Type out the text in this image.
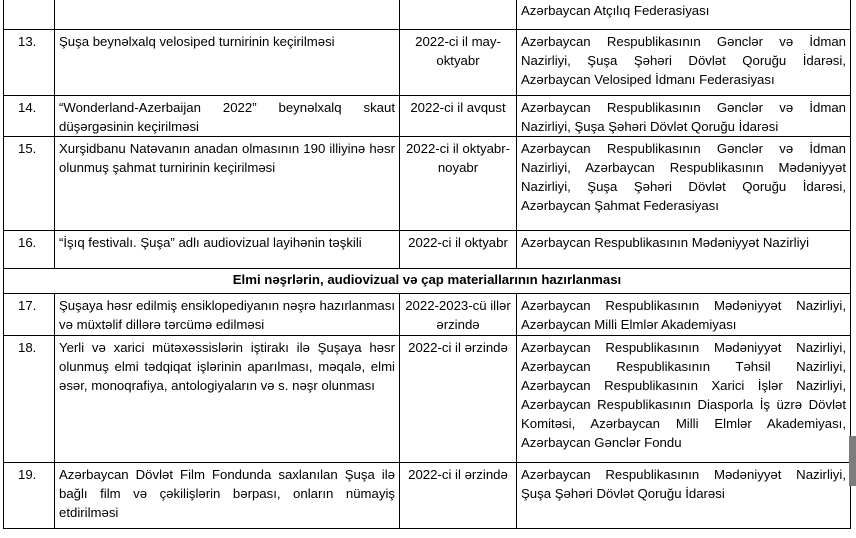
			Azərbaycan Atçılıq Federasiyası
13.	Şuşa beynəlxalq velosiped turnirinin keçirilməsi	2022-ci il may-oktyabr	Azərbaycan Respublikasının Gənclər və İdman Nazirliyi, Şuşa Şəhəri Dövlət Qoruğu İdarəsi, Azərbaycan Velosiped İdmanı Federasiyası
14.	“Wonderland-Azerbaijan 2022” beynəlxalq skaut düşərgəsinin keçirilməsi	2022-ci il avqust	Azərbaycan Respublikasının Gənclər və İdman Nazirliyi, Şuşa Şəhəri Dövlət Qoruğu İdarəsi
15.	Xurşidbanu Natəvanın anadan olmasının 190 illiyinə həsr olunmuş şahmat turnirinin keçirilməsi	2022-ci il oktyabr-noyabr	Azərbaycan Respublikasının Gənclər və İdman Nazirliyi, Azərbaycan Respublikasının Mədəniyyət Nazirliyi, Şuşa Şəhəri Dövlət Qoruğu İdarəsi, Azərbaycan Şahmat Federasiyası
16.	“İşıq festivalı. Şuşa” adlı audiovizual layihənin təşkili	2022-ci il oktyabr	Azərbaycan Respublikasının Mədəniyyət Nazirliyi
Elmi nəşrlərin, audiovizual və çap materiallarının hazırlanması			
17.	Şuşaya həsr edilmiş ensiklopediyanın nəşrə hazırlanması və müxtəlif dillərə tərcümə edilməsi	2022-2023-cü illər ərzində	Azərbaycan Respublikasının Mədəniyyət Nazirliyi, Azərbaycan Milli Elmlər Akademiyası
18.	Yerli və xarici mütəxəssislərin iştirakı ilə Şuşaya həsr olunmuş elmi tədqiqat işlərinin aparılması, məqalə, elmi əsər, monoqrafiya, antologiyaların və s. nəşr olunması	2022-ci il ərzində	Azərbaycan Respublikasının Mədəniyyət Nazirliyi, Azərbaycan Respublikasının Təhsil Nazirliyi, Azərbaycan Respublikasının Xarici İşlər Nazirliyi, Azərbaycan Respublikasının Diasporla İş üzrə Dövlət Komitəsi, Azərbaycan Milli Elmlər Akademiyası, Azərbaycan Gənclər Fondu
19.	Azərbaycan Dövlət Film Fondunda saxlanılan Şuşa ilə bağlı film və çəkilişlərin bərpası, onların nümayiş etdirilməsi	2022-ci il ərzində	Azərbaycan Respublikasının Mədəniyyət Nazirliyi, Şuşa Şəhəri Dövlət Qoruğu İdarəsi
